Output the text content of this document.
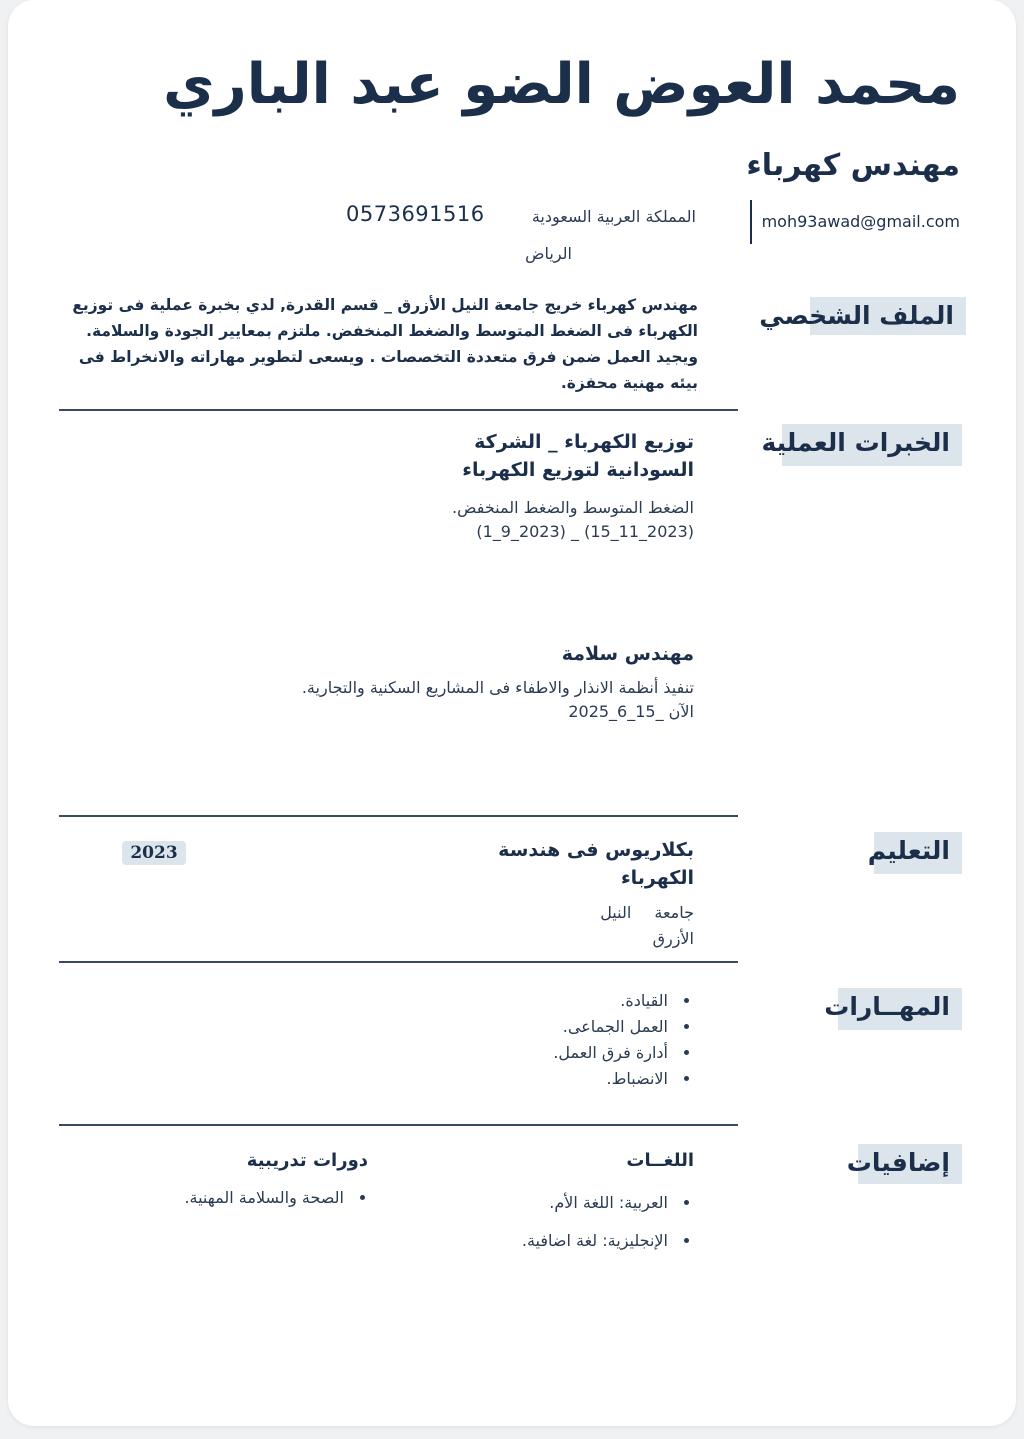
محمد العوض الضو عبد الباري
مهندس كهرباء
moh93awad@gmail.com
المملكة العربية السعودية
الرياض
0573691516
الملف الشخصي
مهندس كهرباء خريج جامعة النيل الأزرق _ قسم القدرة, لدي بخبرة عملية فى توزيع الكهرباء فى الضغط المتوسط والضغط المنخفض. ملتزم بمعايير الجودة والسلامة. ويجيد العمل ضمن فرق متعددة التخصصات . ويسعى لتطوير مهاراته والانخراط فى بيئه مهنية محفزة.
الخبرات العملية
توزيع الكهرباء _ الشركة السودانية لتوزيع الكهرباء
الضغط المتوسط والضغط المنخفض.
(1_9_2023) _ (15_11_2023)
مهندس سلامة
تنفيذ أنظمة الانذار والاطفاء فى المشاريع السكنية والتجارية.
الآن _15_6_2025
التعليم
بكلاريوس فى هندسة الكهرباء
2023
جامعة النيل الأزرق
المهــارات
• القيادة.
• العمل الجماعى.
• أدارة فرق العمل.
• الانضباط.
إضافيات
اللغــات
• العربية: اللغة الأم.
• الإنجليزية: لغة اضافية.
دورات تدريبية
• الصحة والسلامة المهنية.
